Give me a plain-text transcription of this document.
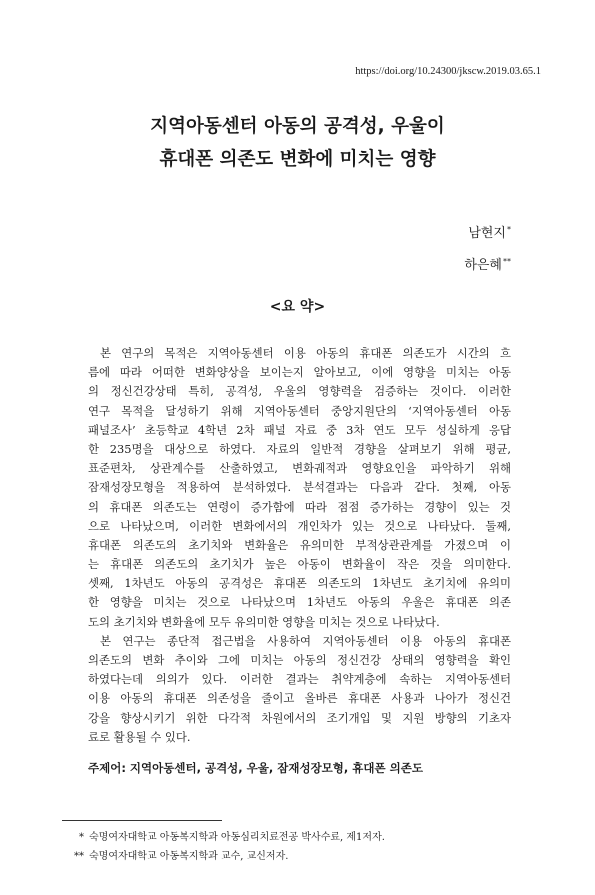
https://doi.org/10.24300/jkscw.2019.03.65.1
지역아동센터 아동의 공격성, 우울이
휴대폰 의존도 변화에 미치는 영향
남현지*
하은혜**
<요 약>
본 연구의 목적은 지역아동센터 이용 아동의 휴대폰 의존도가 시간의 흐
름에 따라 어떠한 변화양상을 보이는지 알아보고, 이에 영향을 미치는 아동
의 정신건강상태 특히, 공격성, 우울의 영향력을 검증하는 것이다. 이러한
연구 목적을 달성하기 위해 지역아동센터 중앙지원단의 ‘지역아동센터 아동
패널조사’ 초등학교 4학년 2차 패널 자료 중 3차 연도 모두 성실하게 응답
한 235명을 대상으로 하였다. 자료의 일반적 경향을 살펴보기 위해 평균,
표준편차, 상관계수를 산출하였고, 변화궤적과 영향요인을 파악하기 위해
잠재성장모형을 적용하여 분석하였다. 분석결과는 다음과 같다. 첫째, 아동
의 휴대폰 의존도는 연령이 증가함에 따라 점점 증가하는 경향이 있는 것
으로 나타났으며, 이러한 변화에서의 개인차가 있는 것으로 나타났다. 둘째,
휴대폰 의존도의 초기치와 변화율은 유의미한 부적상관관계를 가졌으며 이
는 휴대폰 의존도의 초기치가 높은 아동이 변화율이 작은 것을 의미한다.
셋째, 1차년도 아동의 공격성은 휴대폰 의존도의 1차년도 초기치에 유의미
한 영향을 미치는 것으로 나타났으며 1차년도 아동의 우울은 휴대폰 의존
도의 초기치와 변화율에 모두 유의미한 영향을 미치는 것으로 나타났다.
본 연구는 종단적 접근법을 사용하여 지역아동센터 이용 아동의 휴대폰
의존도의 변화 추이와 그에 미치는 아동의 정신건강 상태의 영향력을 확인
하였다는데 의의가 있다. 이러한 결과는 취약계층에 속하는 지역아동센터
이용 아동의 휴대폰 의존성을 줄이고 올바른 휴대폰 사용과 나아가 정신건
강을 향상시키기 위한 다각적 차원에서의 조기개입 및 지원 방향의 기초자
료로 활용될 수 있다.
주제어: 지역아동센터, 공격성, 우울, 잠재성장모형, 휴대폰 의존도
* 숙명여자대학교 아동복지학과 아동심리치료전공 박사수료, 제1저자.
** 숙명여자대학교 아동복지학과 교수, 교신저자.
